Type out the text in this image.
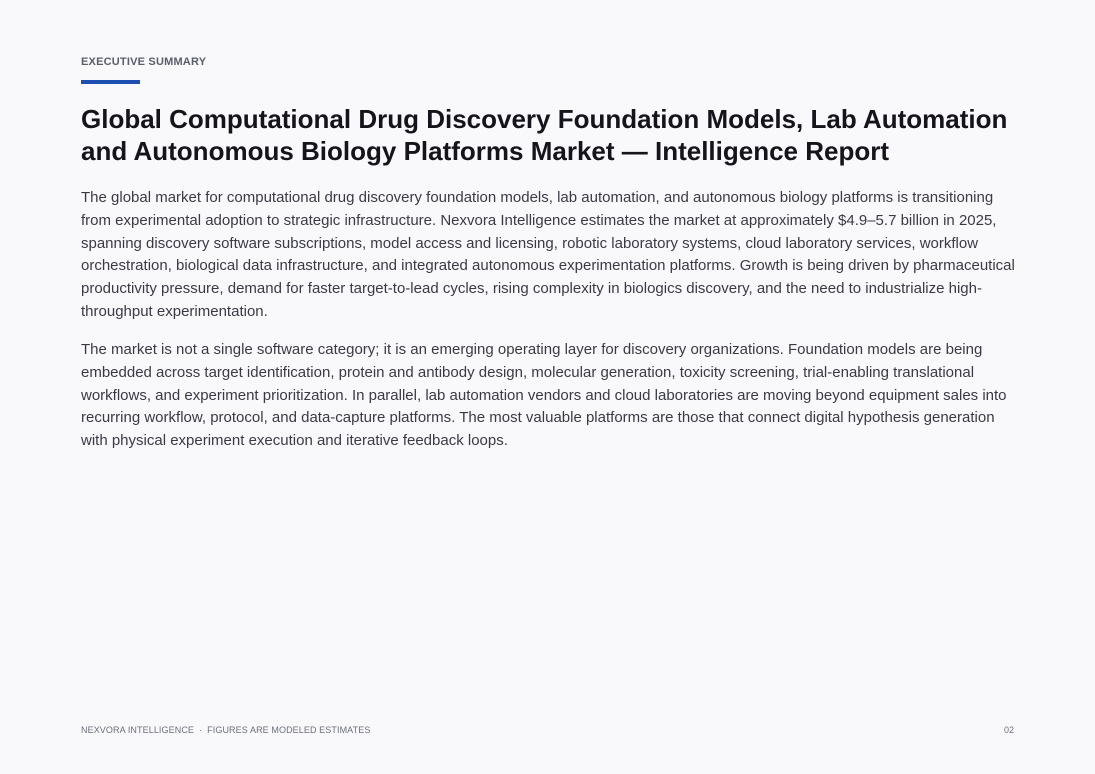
EXECUTIVE SUMMARY
Global Computational Drug Discovery Foundation Models, Lab Automation and Autonomous Biology Platforms Market — Intelligence Report

The global market for computational drug discovery foundation models, lab automation, and autonomous biology platforms is transitioning from experimental adoption to strategic infrastructure. Nexvora Intelligence estimates the market at approximately $4.9–5.7 billion in 2025, spanning discovery software subscriptions, model access and licensing, robotic laboratory systems, cloud laboratory services, workflow orchestration, biological data infrastructure, and integrated autonomous experimentation platforms. Growth is being driven by pharmaceutical productivity pressure, demand for faster target-to-lead cycles, rising complexity in biologics discovery, and the need to industrialize high-throughput experimentation.

The market is not a single software category; it is an emerging operating layer for discovery organizations. Foundation models are being embedded across target identification, protein and antibody design, molecular generation, toxicity screening, trial-enabling translational workflows, and experiment prioritization. In parallel, lab automation vendors and cloud laboratories are moving beyond equipment sales into recurring workflow, protocol, and data-capture platforms. The most valuable platforms are those that connect digital hypothesis generation with physical experiment execution and iterative feedback loops.

NEXVORA INTELLIGENCE · FIGURES ARE MODELED ESTIMATES	02
